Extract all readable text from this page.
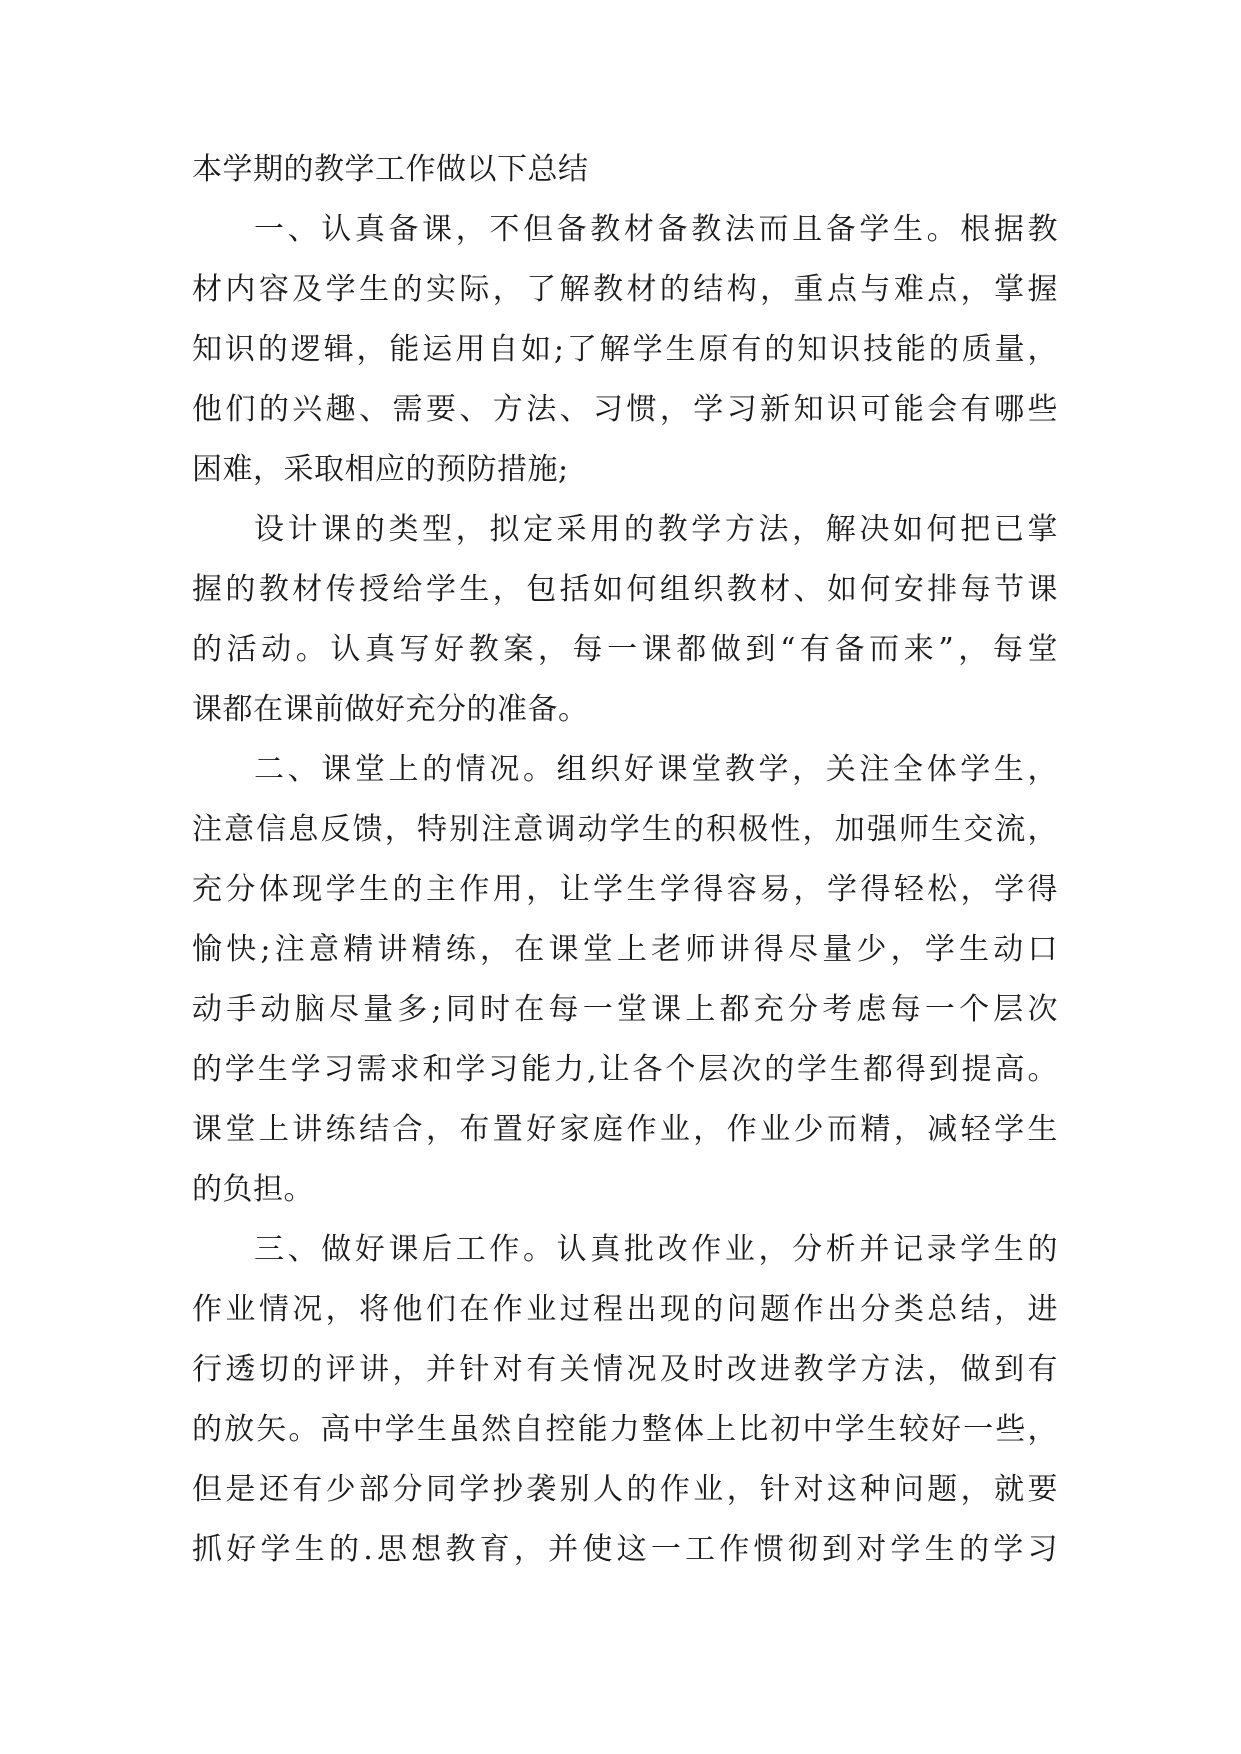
本学期的教学工作做以下总结
一、认真备课，不但备教材备教法而且备学生。根据教
材内容及学生的实际，了解教材的结构，重点与难点，掌握
知识的逻辑，能运用自如;了解学生原有的知识技能的质量，
他们的兴趣、需要、方法、习惯，学习新知识可能会有哪些
困难，采取相应的预防措施;
设计课的类型，拟定采用的教学方法，解决如何把已掌
握的教材传授给学生，包括如何组织教材、如何安排每节课
的活动。认真写好教案，每一课都做到“有备而来”，每堂
课都在课前做好充分的准备。
二、课堂上的情况。组织好课堂教学，关注全体学生，
注意信息反馈，特别注意调动学生的积极性，加强师生交流，
充分体现学生的主作用，让学生学得容易，学得轻松，学得
愉快;注意精讲精练，在课堂上老师讲得尽量少，学生动口
动手动脑尽量多;同时在每一堂课上都充分考虑每一个层次
的学生学习需求和学习能力,让各个层次的学生都得到提高。
课堂上讲练结合，布置好家庭作业，作业少而精，减轻学生
的负担。
三、做好课后工作。认真批改作业，分析并记录学生的
作业情况，将他们在作业过程出现的问题作出分类总结，进
行透切的评讲，并针对有关情况及时改进教学方法，做到有
的放矢。高中学生虽然自控能力整体上比初中学生较好一些，
但是还有少部分同学抄袭别人的作业，针对这种问题，就要
抓好学生的.思想教育，并使这一工作惯彻到对学生的学习
